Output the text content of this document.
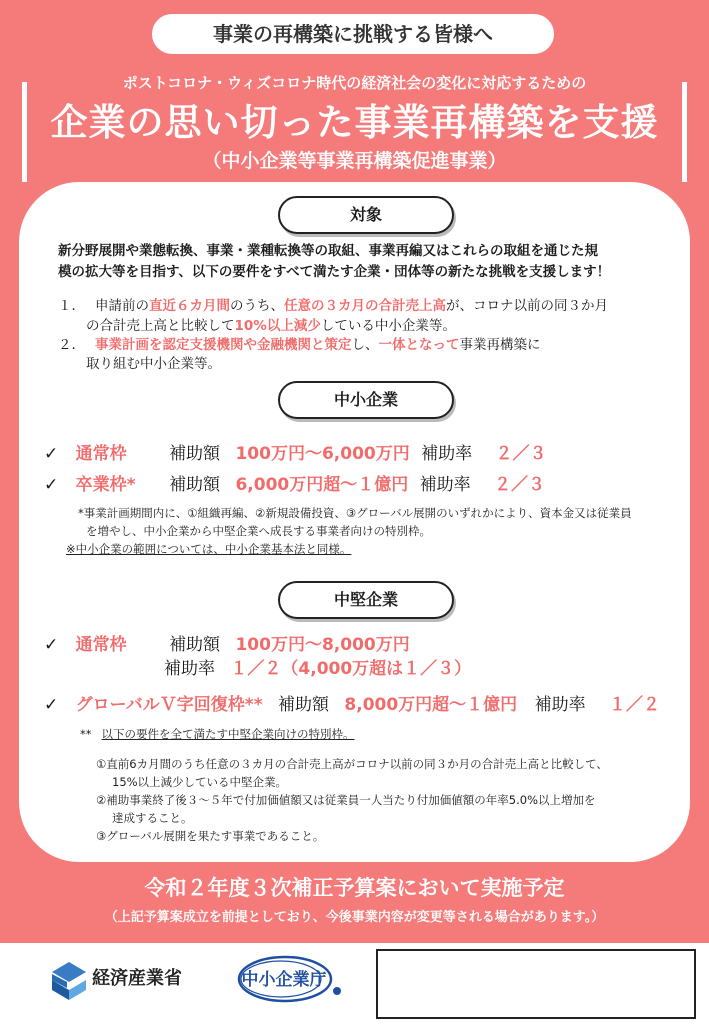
事業の再構築に挑戦する皆様へ
ポストコロナ・ウィズコロナ時代の経済社会の変化に対応するための
企業の思い切った事業再構築を支援
（中小企業等事業再構築促進事業）
対象
新分野展開や業態転換、事業・業種転換等の取組、事業再編又はこれらの取組を通じた規
模の拡大等を目指す、以下の要件をすべて満たす企業・団体等の新たな挑戦を支援します！
１． 申請前の直近６カ月間のうち、任意の３カ月の合計売上高が、コロナ以前の同３か月
の合計売上高と比較して10%以上減少している中小企業等。
２． 事業計画を認定支援機関や金融機関と策定し、一体となって事業再構築に
取り組む中小企業等。
中小企業
✓ 通常枠 補助額 100万円～6,000万円 補助率 ２／３
✓ 卒業枠* 補助額 6,000万円超～１億円 補助率 ２／３
*事業計画期間内に、①組織再編、②新規設備投資、③グローバル展開のいずれかにより、資本金又は従業員
を増やし、中小企業から中堅企業へ成長する事業者向けの特別枠。
※中小企業の範囲については、中小企業基本法と同様。
中堅企業
✓ 通常枠 補助額 100万円～8,000万円
補助率 １／２（4,000万超は１／３）
✓ グローバルＶ字回復枠** 補助額 8,000万円超～１億円 補助率 １／２
** 以下の要件を全て満たす中堅企業向けの特別枠。
①直前6カ月間のうち任意の３カ月の合計売上高がコロナ以前の同３か月の合計売上高と比較して、
15%以上減少している中堅企業。
②補助事業終了後３～５年で付加価値額又は従業員一人当たり付加価値額の年率5.0%以上増加を
達成すること。
③グローバル展開を果たす事業であること。
令和２年度３次補正予算案において実施予定
（上記予算案成立を前提としており、今後事業内容が変更等される場合があります。）
経済産業省	中小企業庁
